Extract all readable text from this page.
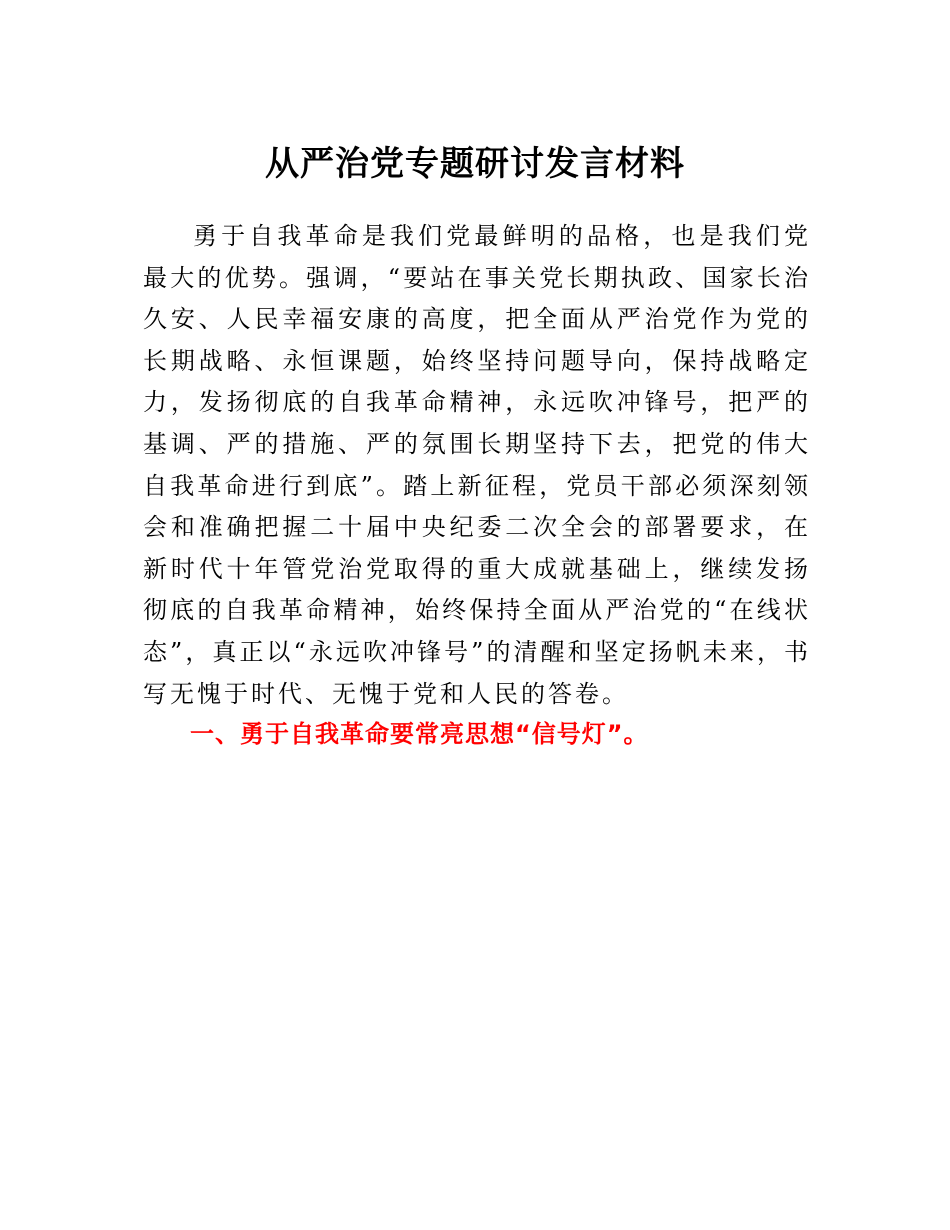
从严治党专题研讨发言材料

勇于自我革命是我们党最鲜明的品格，也是我们党最大的优势。强调，“要站在事关党长期执政、国家长治久安、人民幸福安康的高度，把全面从严治党作为党的长期战略、永恒课题，始终坚持问题导向，保持战略定力，发扬彻底的自我革命精神，永远吹冲锋号，把严的基调、严的措施、严的氛围长期坚持下去，把党的伟大自我革命进行到底”。踏上新征程，党员干部必须深刻领会和准确把握二十届中央纪委二次全会的部署要求，在新时代十年管党治党取得的重大成就基础上，继续发扬彻底的自我革命精神，始终保持全面从严治党的“在线状态”，真正以“永远吹冲锋号”的清醒和坚定扬帆未来，书写无愧于时代、无愧于党和人民的答卷。

一、勇于自我革命要常亮思想“信号灯”。
